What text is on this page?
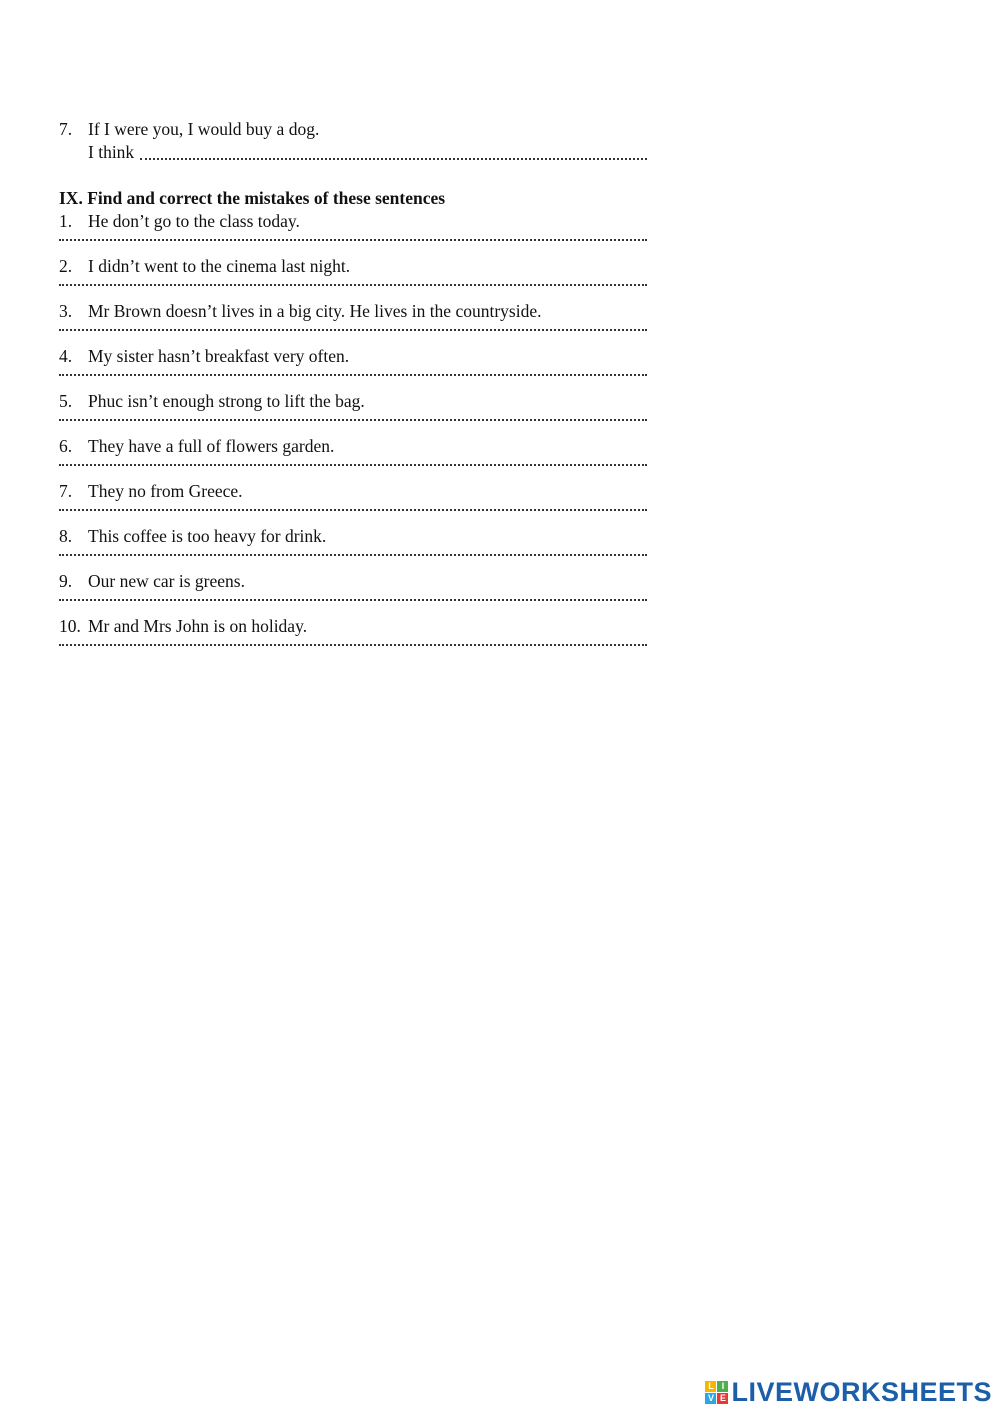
7. If I were you, I would buy a dog.
I think
IX. Find and correct the mistakes of these sentences
1. He don’t go to the class today.
2. I didn’t went to the cinema last night.
3. Mr Brown doesn’t lives in a big city. He lives in the countryside.
4. My sister hasn’t breakfast very often.
5. Phuc isn’t enough strong to lift the bag.
6. They have a full of flowers garden.
7. They no from Greece.
8. This coffee is too heavy for drink.
9. Our new car is greens.
10. Mr and Mrs John is on holiday.
L I
V E LIVEWORKSHEETS
